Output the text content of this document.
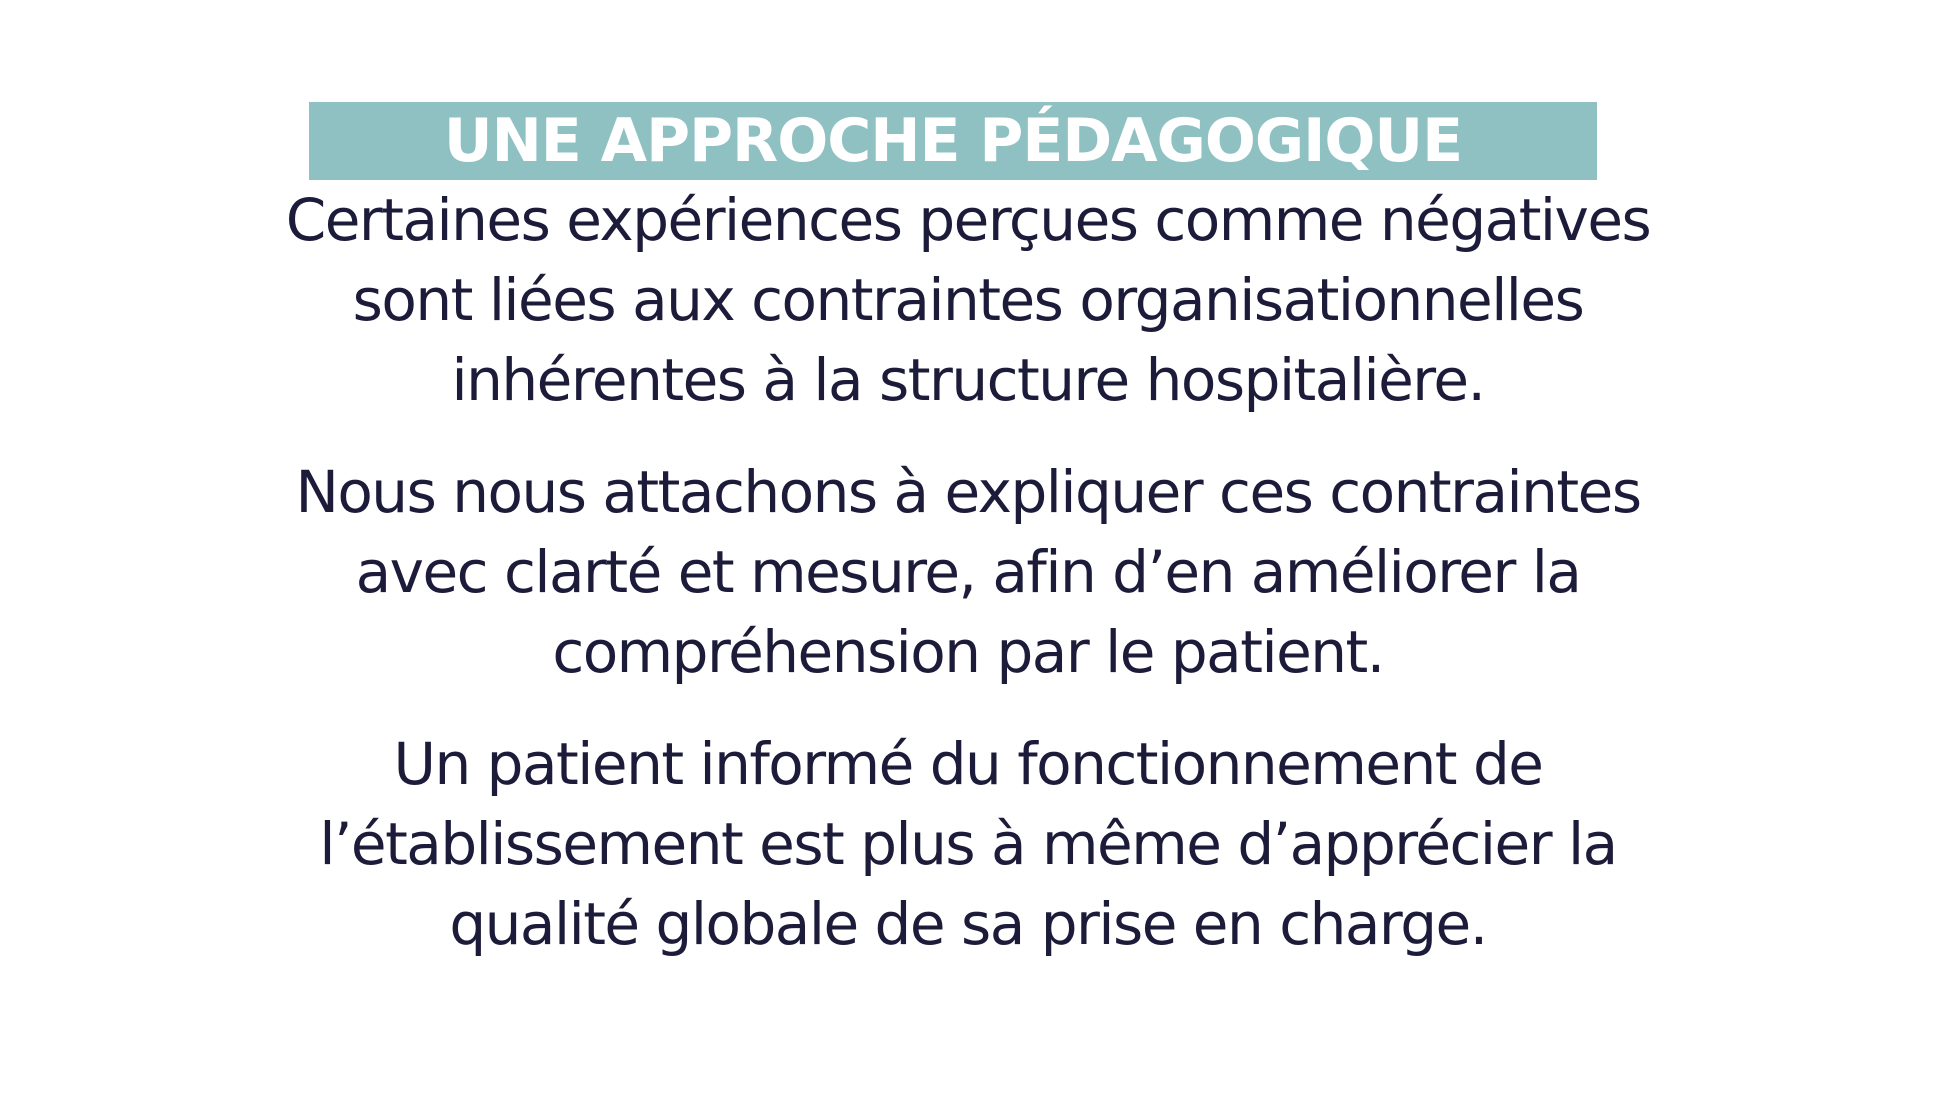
UNE APPROCHE PÉDAGOGIQUE

Certaines expériences perçues comme négatives
sont liées aux contraintes organisationnelles
inhérentes à la structure hospitalière.

Nous nous attachons à expliquer ces contraintes
avec clarté et mesure, afin d’en améliorer la
compréhension par le patient.

Un patient informé du fonctionnement de
l’établissement est plus à même d’apprécier la
qualité globale de sa prise en charge.
